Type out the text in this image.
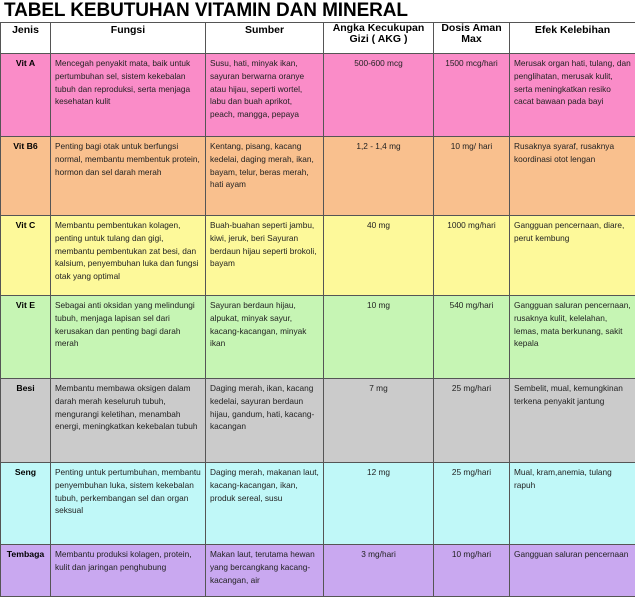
TABEL KEBUTUHAN VITAMIN DAN MINERAL
Jenis	Fungsi	Sumber	Angka Kecukupan Gizi ( AKG )	Dosis Aman Max	Efek Kelebihan
Vit A	Mencegah penyakit mata, baik untuk pertumbuhan sel, sistem kekebalan tubuh dan reproduksi, serta menjaga kesehatan kulit	Susu, hati, minyak ikan, sayuran berwarna oranye atau hijau, seperti wortel, labu dan buah aprikot, peach, mangga, pepaya	500-600 mcg	1500 mcg/hari	Merusak organ hati, tulang, dan penglihatan, merusak kulit, serta meningkatkan resiko cacat bawaan pada bayi
Vit B6	Penting bagi otak untuk berfungsi normal, membantu membentuk protein, hormon dan sel darah merah	Kentang, pisang, kacang kedelai, daging merah, ikan, bayam, telur, beras merah, hati ayam	1,2 - 1,4 mg	10 mg/ hari	Rusaknya syaraf, rusaknya koordinasi otot lengan
Vit C	Membantu pembentukan kolagen, penting untuk tulang dan gigi, membantu pembentukan zat besi, dan kalsium, penyembuhan luka dan fungsi otak yang optimal	Buah-buahan seperti jambu, kiwi, jeruk, beri Sayuran berdaun hijau seperti brokoli, bayam	40 mg	1000 mg/hari	Gangguan pencernaan, diare, perut kembung
Vit E	Sebagai anti oksidan yang melindungi tubuh, menjaga lapisan sel dari kerusakan dan penting bagi darah merah	Sayuran berdaun hijau, alpukat, minyak sayur, kacang-kacangan, minyak ikan	10 mg	540 mg/hari	Gangguan saluran pencernaan, rusaknya kulit, kelelahan, lemas, mata berkunang, sakit kepala
Besi	Membantu membawa oksigen dalam darah merah keseluruh tubuh, mengurangi keletihan, menambah energi, meningkatkan kekebalan tubuh	Daging merah, ikan, kacang kedelai, sayuran berdaun hijau, gandum, hati, kacang-kacangan	7 mg	25 mg/hari	Sembelit, mual, kemungkinan terkena penyakit jantung
Seng	Penting untuk pertumbuhan, membantu penyembuhan luka, sistem kekebalan tubuh, perkembangan sel dan organ seksual	Daging merah, makanan laut, kacang-kacangan, ikan, produk sereal, susu	12 mg	25 mg/hari	Mual, kram,anemia, tulang rapuh
Tembaga	Membantu produksi kolagen, protein, kulit dan jaringan penghubung	Makan laut, terutama hewan yang bercangkang kacang-kacangan, air	3 mg/hari	10 mg/hari	Gangguan saluran pencernaan
